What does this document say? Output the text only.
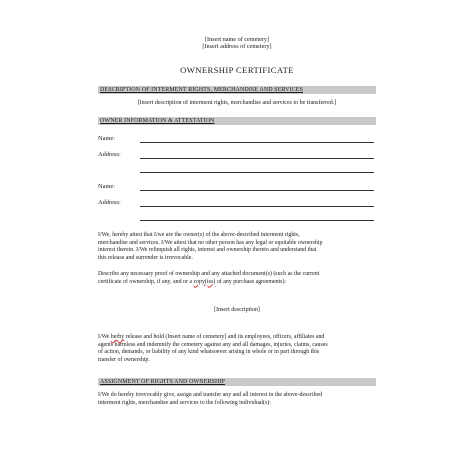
[Insert name of cemetery]
[Insert address of cemetery]
OWNERSHIP CERTIFICATE
DESCRIPTION OF INTERMENT RIGHTS, MERCHANDISE AND SERVICES
[Insert description of interment rights, merchandise and services to be transferred.]
OWNER INFORMATION & ATTESTATION
Name:
Address:
Name:
Address:

I/We, hereby attest that I/we are the owner(s) of the above-described interment rights,

merchandise and services. I/We attest that no other person has any legal or equitable ownership

interest therein. I/We relinquish all rights, interest and ownership thereto and understand that

this release and surrender is irrevocable.

Describe any necessary proof of ownership and any attached document(s) (such as the current

certificate of ownership, if any, and or a copy(ies) of any purchase agreements):

[Insert description]

I/We herby release and hold (Insert name of cemetery] and its employees, officers, affiliates and

agents harmless and indemnify the cemetery against any and all damages, injuries, claims, causes

of action, demands, or liability of any kind whatsoever arising in whole or in part through this

transfer of ownership.

ASSIGNMENT OF RIGHTS AND OWNERSHIP

I/We do hereby irrevocably give, assign and transfer any and all interest in the above-described

interment rights, merchandise and services to the following individual(s):
